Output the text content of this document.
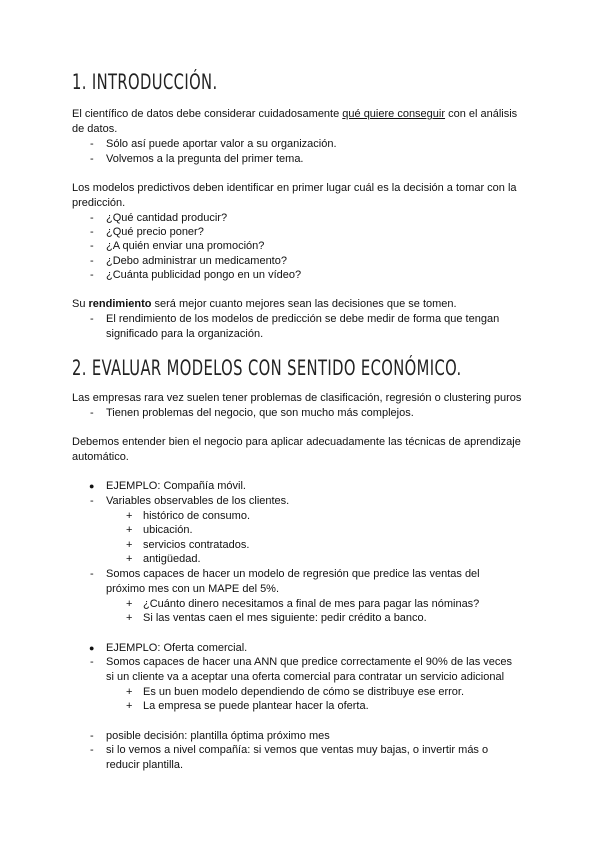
1. INTRODUCCIÓN.
El científico de datos debe considerar cuidadosamente qué quiere conseguir con el análisis
de datos.
- Sólo así puede aportar valor a su organización.
- Volvemos a la pregunta del primer tema.
Los modelos predictivos deben identificar en primer lugar cuál es la decisión a tomar con la
predicción.
- ¿Qué cantidad producir?
- ¿Qué precio poner?
- ¿A quién enviar una promoción?
- ¿Debo administrar un medicamento?
- ¿Cuánta publicidad pongo en un vídeo?
Su rendimiento será mejor cuanto mejores sean las decisiones que se tomen.
- El rendimiento de los modelos de predicción se debe medir de forma que tengan
significado para la organización.
2. EVALUAR MODELOS CON SENTIDO ECONÓMICO.
Las empresas rara vez suelen tener problemas de clasificación, regresión o clustering puros
- Tienen problemas del negocio, que son mucho más complejos.
Debemos entender bien el negocio para aplicar adecuadamente las técnicas de aprendizaje
automático.
● EJEMPLO: Compañía móvil.
- Variables observables de los clientes.
+ histórico de consumo.
+ ubicación.
+ servicios contratados.
+ antigüedad.
- Somos capaces de hacer un modelo de regresión que predice las ventas del
próximo mes con un MAPE del 5%.
+ ¿Cuánto dinero necesitamos a final de mes para pagar las nóminas?
+ Si las ventas caen el mes siguiente: pedir crédito a banco.
● EJEMPLO: Oferta comercial.
- Somos capaces de hacer una ANN que predice correctamente el 90% de las veces
si un cliente va a aceptar una oferta comercial para contratar un servicio adicional
+ Es un buen modelo dependiendo de cómo se distribuye ese error.
+ La empresa se puede plantear hacer la oferta.
- posible decisión: plantilla óptima próximo mes
- si lo vemos a nivel compañía: si vemos que ventas muy bajas, o invertir más o
reducir plantilla.
